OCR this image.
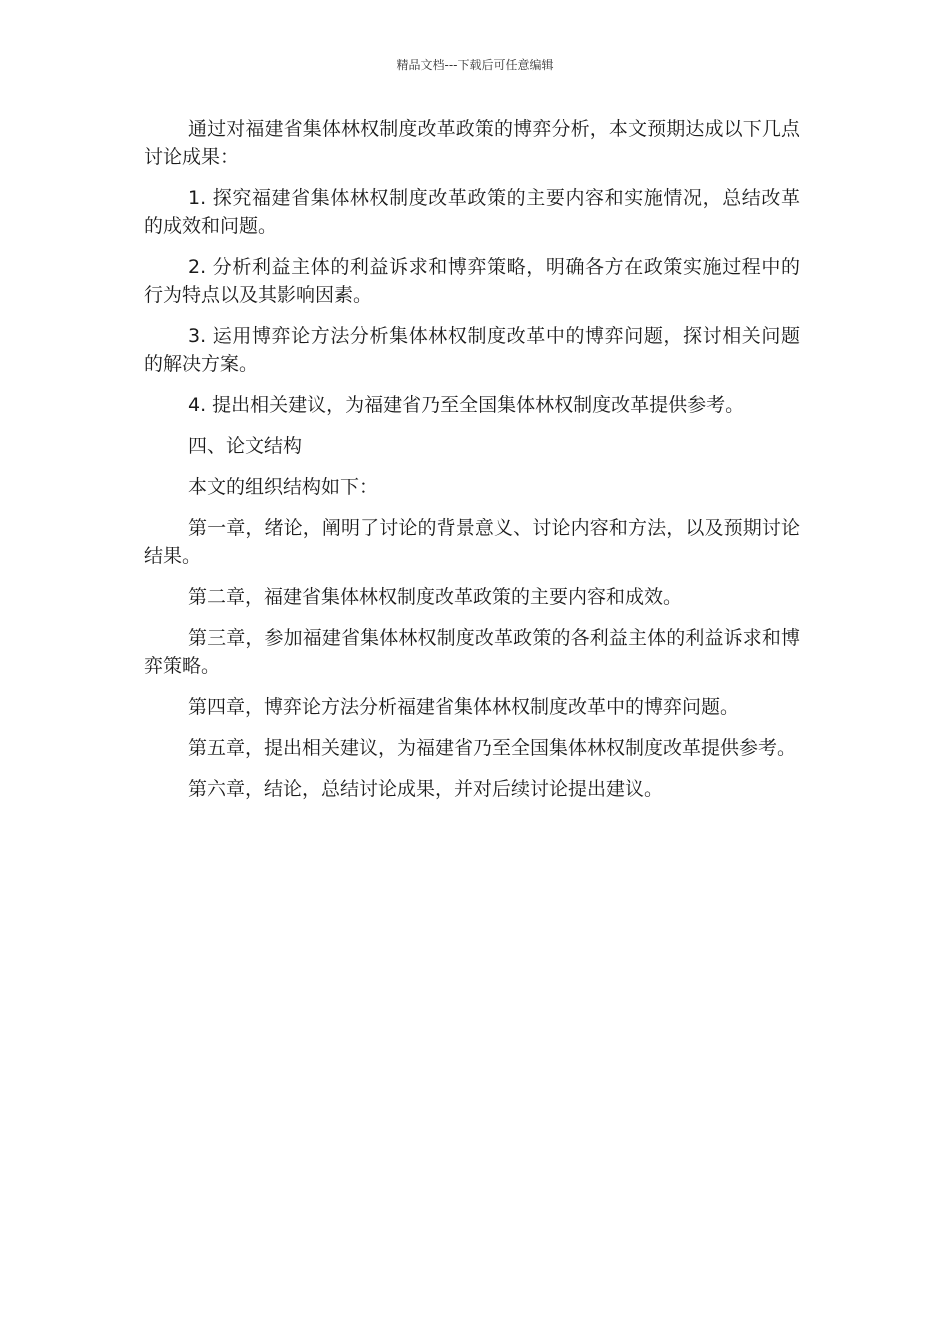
精品文档---下载后可任意编辑

通过对福建省集体林权制度改革政策的博弈分析，本文预期达成以下几点讨论成果：

1. 探究福建省集体林权制度改革政策的主要内容和实施情况，总结改革的成效和问题。

2. 分析利益主体的利益诉求和博弈策略，明确各方在政策实施过程中的行为特点以及其影响因素。

3. 运用博弈论方法分析集体林权制度改革中的博弈问题，探讨相关问题的解决方案。

4. 提出相关建议，为福建省乃至全国集体林权制度改革提供参考。

四、论文结构

本文的组织结构如下：

第一章，绪论，阐明了讨论的背景意义、讨论内容和方法，以及预期讨论结果。

第二章，福建省集体林权制度改革政策的主要内容和成效。

第三章，参加福建省集体林权制度改革政策的各利益主体的利益诉求和博弈策略。

第四章，博弈论方法分析福建省集体林权制度改革中的博弈问题。

第五章，提出相关建议，为福建省乃至全国集体林权制度改革提供参考。

第六章，结论，总结讨论成果，并对后续讨论提出建议。
